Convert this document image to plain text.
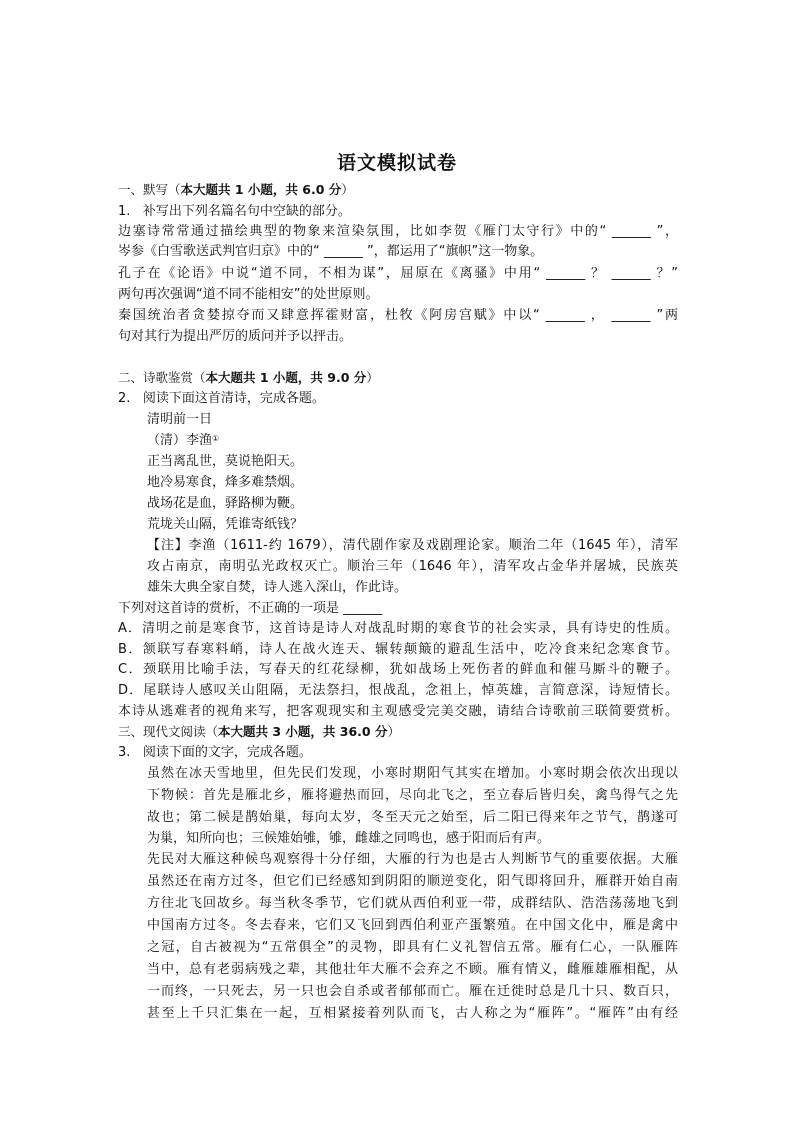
语文模拟试卷
一、默写（本大题共 1 小题，共 6.0 分）
1. 补写出下列名篇名句中空缺的部分。
边塞诗常常通过描绘典型的物象来渲染氛围，比如李贺《雁门太守行》中的“ ______ ”，
岑参《白雪歌送武判官归京》中的“ ______ ”，都运用了“旗帜”这一物象。
孔子在《论语》中说“道不同，不相为谋”，屈原在《离骚》中用“ ______ ？ ______ ？”
两句再次强调“道不同不能相安”的处世原则。
秦国统治者贪婪掠夺而又肆意挥霍财富，杜牧《阿房宫赋》中以“ ______ ， ______ ”两
句对其行为提出严厉的质问并予以抨击。
二、诗歌鉴赏（本大题共 1 小题，共 9.0 分）
2. 阅读下面这首清诗，完成各题。
清明前一日
（清）李渔①
正当离乱世，莫说艳阳天。
地冷易寒食，烽多难禁烟。
战场花是血，驿路柳为鞭。
荒垅关山隔，凭谁寄纸钱？
【注】李渔（1611-约 1679），清代剧作家及戏剧理论家。顺治二年（1645 年），清军
攻占南京，南明弘光政权灭亡。顺治三年（1646 年），清军攻占金华并屠城，民族英
雄朱大典全家自焚，诗人逃入深山，作此诗。
下列对这首诗的赏析，不正确的一项是 ______
A．清明之前是寒食节，这首诗是诗人对战乱时期的寒食节的社会实录，具有诗史的性质。
B．颔联写春寒料峭，诗人在战火连天、辗转颠簸的避乱生活中，吃冷食来纪念寒食节。
C．颈联用比喻手法，写春天的红花绿柳，犹如战场上死伤者的鲜血和催马厮斗的鞭子。
D．尾联诗人感叹关山阻隔，无法祭扫，恨战乱，念祖上，悼英雄，言简意深，诗短情长。
本诗从逃难者的视角来写，把客观现实和主观感受完美交融，请结合诗歌前三联简要赏析。
三、现代文阅读（本大题共 3 小题，共 36.0 分）
3. 阅读下面的文字，完成各题。
虽然在冰天雪地里，但先民们发现，小寒时期阳气其实在增加。小寒时期会依次出现以
下物候：首先是雁北乡，雁将避热而回，尽向北飞之，至立春后皆归矣，禽鸟得气之先
故也；第二候是鹊始巢，每向太岁，冬至天元之始至，后二阳已得来年之节气，鹊遂可
为巢，知所向也；三候雉始雊，雊，雌雄之同鸣也，感于阳而后有声。
先民对大雁这种候鸟观察得十分仔细，大雁的行为也是古人判断节气的重要依据。大雁
虽然还在南方过冬，但它们已经感知到阴阳的顺逆变化，阳气即将回升，雁群开始自南
方往北飞回故乡。每当秋冬季节，它们就从西伯利亚一带，成群结队、浩浩荡荡地飞到
中国南方过冬。冬去春来，它们又飞回到西伯利亚产蛋繁殖。在中国文化中，雁是禽中
之冠，自古被视为“五常俱全”的灵物，即具有仁义礼智信五常。雁有仁心，一队雁阵
当中，总有老弱病残之辈，其他壮年大雁不会弃之不顾。雁有情义，雌雁雄雁相配，从
一而终，一只死去，另一只也会自杀或者郁郁而亡。雁在迁徙时总是几十只、数百只，
甚至上千只汇集在一起，互相紧接着列队而飞，古人称之为“雁阵”。“雁阵”由有经
